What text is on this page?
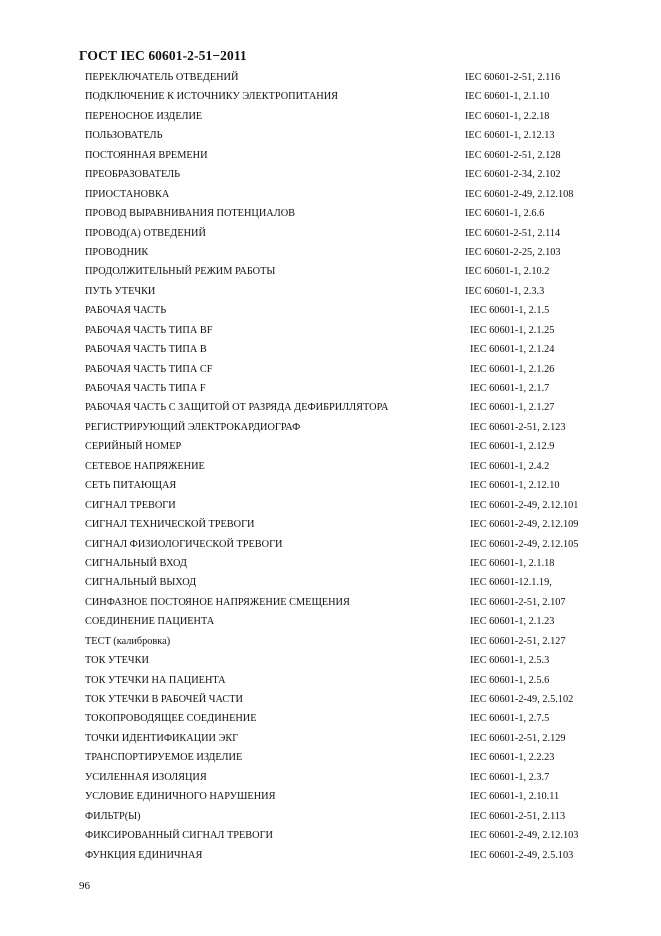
ГОСТ IEC 60601-2-51−2011
ПЕРЕКЛЮЧАТЕЛЬ ОТВЕДЕНИЙ	IEC 60601-2-51, 2.116
ПОДКЛЮЧЕНИЕ К ИСТОЧНИКУ ЭЛЕКТРОПИТАНИЯ	IEC 60601-1, 2.1.10
ПЕРЕНОСНОЕ ИЗДЕЛИЕ	IEC 60601-1, 2.2.18
ПОЛЬЗОВАТЕЛЬ	IEC 60601-1, 2.12.13
ПОСТОЯННАЯ ВРЕМЕНИ	IEC 60601-2-51, 2.128
ПРЕОБРАЗОВАТЕЛЬ	IEC 60601-2-34, 2.102
ПРИОСТАНОВКА	IEC 60601-2-49, 2.12.108
ПРОВОД ВЫРАВНИВАНИЯ ПОТЕНЦИАЛОВ	IEC 60601-1, 2.6.6
ПРОВОД(А) ОТВЕДЕНИЙ	IEC 60601-2-51, 2.114
ПРОВОДНИК	IEC 60601-2-25, 2.103
ПРОДОЛЖИТЕЛЬНЫЙ РЕЖИМ РАБОТЫ	IEC 60601-1, 2.10.2
ПУТЬ УТЕЧКИ	IEC 60601-1, 2.3.3
РАБОЧАЯ ЧАСТЬ	IEC 60601-1, 2.1.5
РАБОЧАЯ ЧАСТЬ ТИПА BF	IEC 60601-1, 2.1.25
РАБОЧАЯ ЧАСТЬ ТИПА В	IEC 60601-1, 2.1.24
РАБОЧАЯ ЧАСТЬ ТИПА CF	IEC 60601-1, 2.1.26
РАБОЧАЯ ЧАСТЬ ТИПА F	IEC 60601-1, 2.1.7
РАБОЧАЯ ЧАСТЬ С ЗАЩИТОЙ ОТ РАЗРЯДА ДЕФИБРИЛЛЯТОРА	IEC 60601-1, 2.1.27
РЕГИСТРИРУЮЩИЙ ЭЛЕКТРОКАРДИОГРАФ	IEC 60601-2-51, 2.123
СЕРИЙНЫЙ НОМЕР	IEC 60601-1, 2.12.9
СЕТЕВОЕ НАПРЯЖЕНИЕ	IEC 60601-1, 2.4.2
СЕТЬ ПИТАЮЩАЯ	IEC 60601-1, 2.12.10
СИГНАЛ ТРЕВОГИ	IEC 60601-2-49, 2.12.101
СИГНАЛ ТЕХНИЧЕСКОЙ ТРЕВОГИ	IEC 60601-2-49, 2.12.109
СИГНАЛ ФИЗИОЛОГИЧЕСКОЙ ТРЕВОГИ	IEC 60601-2-49, 2.12.105
СИГНАЛЬНЫЙ ВХОД	IEC 60601-1, 2.1.18
СИГНАЛЬНЫЙ ВЫХОД	IEC 60601-12.1.19,
СИНФАЗНОЕ ПОСТОЯНОЕ НАПРЯЖЕНИЕ СМЕЩЕНИЯ	IEC 60601-2-51, 2.107
СОЕДИНЕНИЕ ПАЦИЕНТА	IEC 60601-1, 2.1.23
ТЕСТ (калибровка)	IEC 60601-2-51, 2.127
ТОК УТЕЧКИ	IEC 60601-1, 2.5.3
ТОК УТЕЧКИ НА ПАЦИЕНТА	IEC 60601-1, 2.5.6
ТОК УТЕЧКИ В РАБОЧЕЙ ЧАСТИ	IEC 60601-2-49, 2.5.102
ТОКОПРОВОДЯЩЕЕ СОЕДИНЕНИЕ	IEC 60601-1, 2.7.5
ТОЧКИ ИДЕНТИФИКАЦИИ ЭКГ	IEC 60601-2-51, 2.129
ТРАНСПОРТИРУЕМОЕ ИЗДЕЛИЕ	IEC 60601-1, 2.2.23
УСИЛЕННАЯ ИЗОЛЯЦИЯ	IEC 60601-1, 2.3.7
УСЛОВИЕ ЕДИНИЧНОГО НАРУШЕНИЯ	IEC 60601-1, 2.10.11
ФИЛЬТР(Ы)	IEC 60601-2-51, 2.113
ФИКСИРОВАННЫЙ СИГНАЛ ТРЕВОГИ	IEC 60601-2-49, 2.12.103
ФУНКЦИЯ ЕДИНИЧНАЯ	IEC 60601-2-49, 2.5.103
96
